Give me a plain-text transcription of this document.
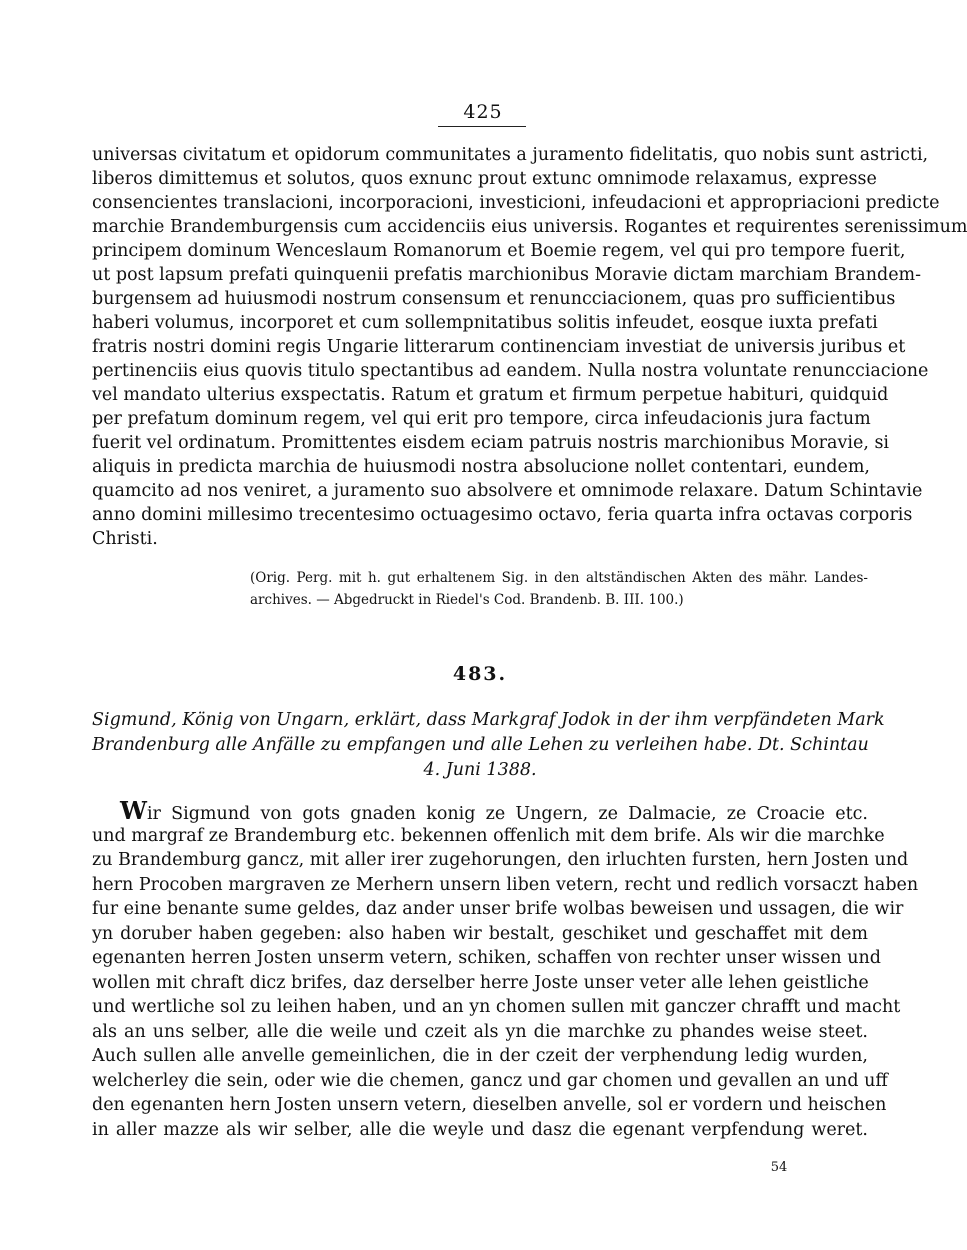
425
universas civitatum et opidorum communitates a juramento fidelitatis, quo nobis sunt astricti,
liberos dimittemus et solutos, quos exnunc prout extunc omnimode relaxamus, expresse
consencientes translacioni, incorporacioni, investicioni, infeudacioni et appropriacioni predicte
marchie Brandemburgensis cum accidenciis eius universis. Rogantes et requirentes serenissimum
principem dominum Wenceslaum Romanorum et Boemie regem, vel qui pro tempore fuerit,
ut post lapsum prefati quinquenii prefatis marchionibus Moravie dictam marchiam Brandem-
burgensem ad huiusmodi nostrum consensum et renuncciacionem, quas pro sufficientibus
haberi volumus, incorporet et cum sollempnitatibus solitis infeudet, eosque iuxta prefati
fratris nostri domini regis Ungarie litterarum continenciam investiat de universis juribus et
pertinenciis eius quovis titulo spectantibus ad eandem. Nulla nostra voluntate renuncciacione
vel mandato ulterius exspectatis. Ratum et gratum et firmum perpetue habituri, quidquid
per prefatum dominum regem, vel qui erit pro tempore, circa infeudacionis jura factum
fuerit vel ordinatum. Promittentes eisdem eciam patruis nostris marchionibus Moravie, si
aliquis in predicta marchia de huiusmodi nostra absolucione nollet contentari, eundem,
quamcito ad nos veniret, a juramento suo absolvere et omnimode relaxare. Datum Schintavie
anno domini millesimo trecentesimo octuagesimo octavo, feria quarta infra octavas corporis
Christi.
(Orig. Perg. mit h. gut erhaltenem Sig. in den altständischen Akten des mähr. Landes-
archives. — Abgedruckt in Riedel's Cod. Brandenb. B. III. 100.)
483.
Sigmund, König von Ungarn, erklärt, dass Markgraf Jodok in der ihm verpfändeten Mark
Brandenburg alle Anfälle zu empfangen und alle Lehen zu verleihen habe. Dt. Schintau
4. Juni 1388.
Wir Sigmund von gots gnaden konig ze Ungern, ze Dalmacie, ze Croacie etc.
und margraf ze Brandemburg etc. bekennen offenlich mit dem brife. Als wir die marchke
zu Brandemburg gancz, mit aller irer zugehorungen, den irluchten fursten, hern Josten und
hern Procoben margraven ze Merhern unsern liben vetern, recht und redlich vorsaczt haben
fur eine benante sume geldes, daz ander unser brife wolbas beweisen und ussagen, die wir
yn doruber haben gegeben: also haben wir bestalt, geschiket und geschaffet mit dem
egenanten herren Josten unserm vetern, schiken, schaffen von rechter unser wissen und
wollen mit chraft dicz brifes, daz derselber herre Joste unser veter alle lehen geistliche
und wertliche sol zu leihen haben, und an yn chomen sullen mit ganczer chrafft und macht
als an uns selber, alle die weile und czeit als yn die marchke zu phandes weise steet.
Auch sullen alle anvelle gemeinlichen, die in der czeit der verphendung ledig wurden,
welcherley die sein, oder wie die chemen, gancz und gar chomen und gevallen an und uff
den egenanten hern Josten unsern vetern, dieselben anvelle, sol er vordern und heischen
in aller mazze als wir selber, alle die weyle und dasz die egenant verpfendung weret.
54
